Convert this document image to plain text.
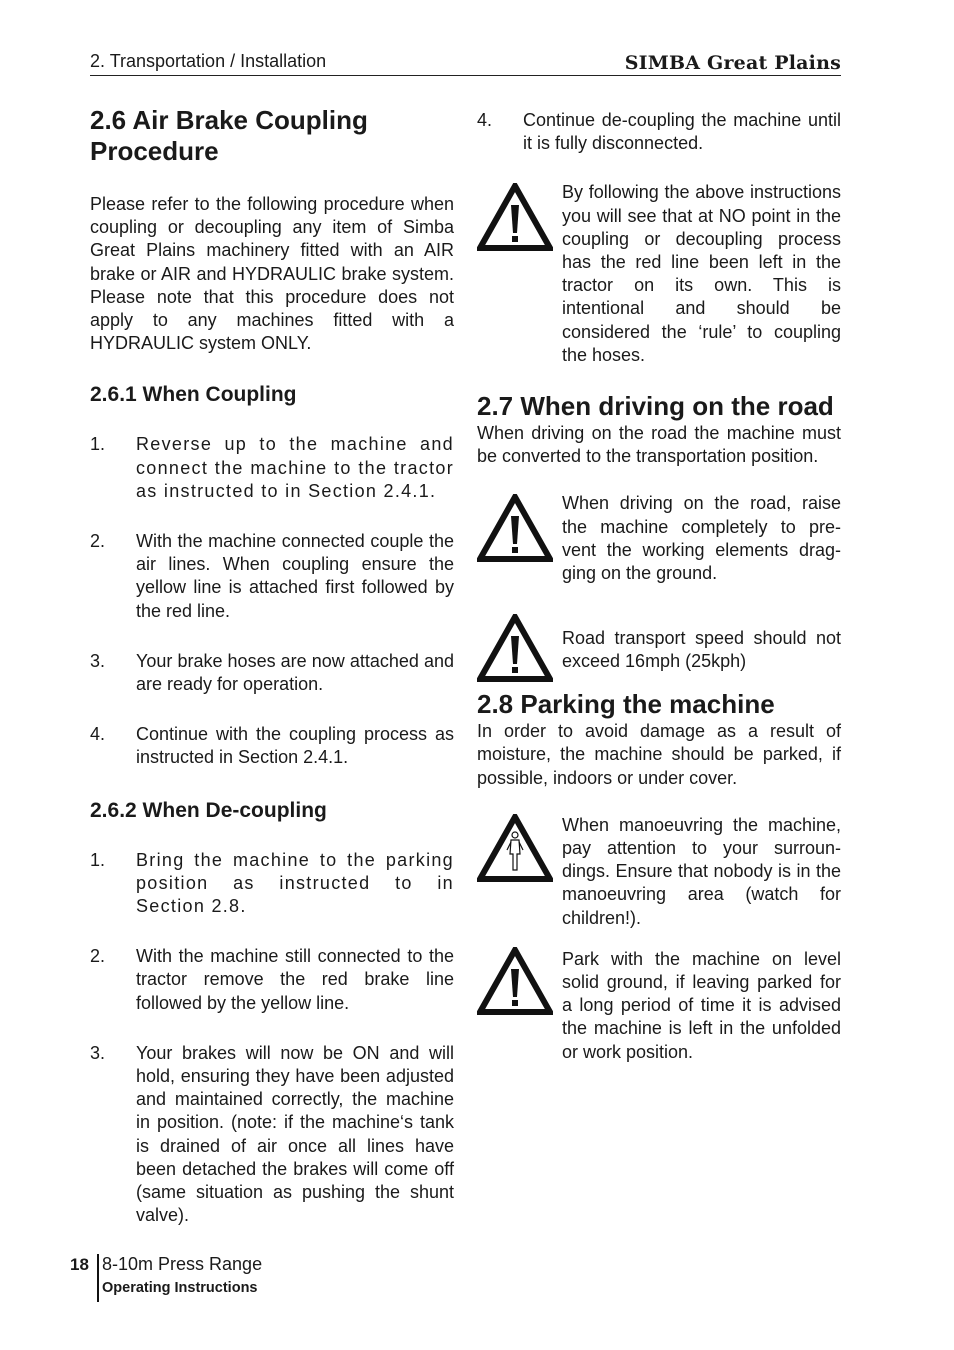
2. Transportation / Installation	SIMBA Great Plains
2.6 Air Brake Coupling Procedure

Please refer to the following procedure when coupling or decoupling any item of Simba Great Plains machinery fitted with an AIR brake or AIR and HYDRAULIC brake system. Please note that this procedure does not apply to any machines fitted with a HYDRAULIC system ONLY.

2.6.1 When Coupling
1. Reverse up to the machine and connect the machine to the tractor as instructed to in Section 2.4.1.
2. With the machine connected couple the air lines. When coupling ensure the yellow line is attached first followed by the red line.
3. Your brake hoses are now attached and are ready for operation.
4. Continue with the coupling process as instructed in Section 2.4.1.
2.6.2 When De-coupling
1. Bring the machine to the parking position as instructed to in Section 2.8.
2. With the machine still connected to the tractor remove the red brake line followed by the yellow line.
3. Your brakes will now be ON and will hold, ensuring they have been adjusted and maintained correctly, the machine in position. (note: if the machine‘s tank is drained of air once all lines have been detached the brakes will come off (same situation as pushing the shunt valve).
4. Continue de-coupling the machine until it is fully disconnected.
By following the above instructions you will see that at NO point in the coupling or decoupling process has the red line been left in the tractor on its own. This is intentional and should be considered the ‘rule’ to coupling the hoses.
2.7 When driving on the road

When driving on the road the machine must be converted to the transportation position.

When driving on the road, raise the machine completely to pre-vent the working elements drag-ging on the ground.
Road transport speed should not exceed 16mph (25kph)
2.8 Parking the machine

In order to avoid damage as a result of moisture, the machine should be parked, if possible, indoors or under cover.

When manoeuvring the machine, pay attention to your surroun-dings. Ensure that nobody is in the manoeuvring area (watch for children!).
Park with the machine on level solid ground, if leaving parked for a long period of time it is advised the machine is left in the unfolded or work position.
18 8-10m Press Range
Operating Instructions
